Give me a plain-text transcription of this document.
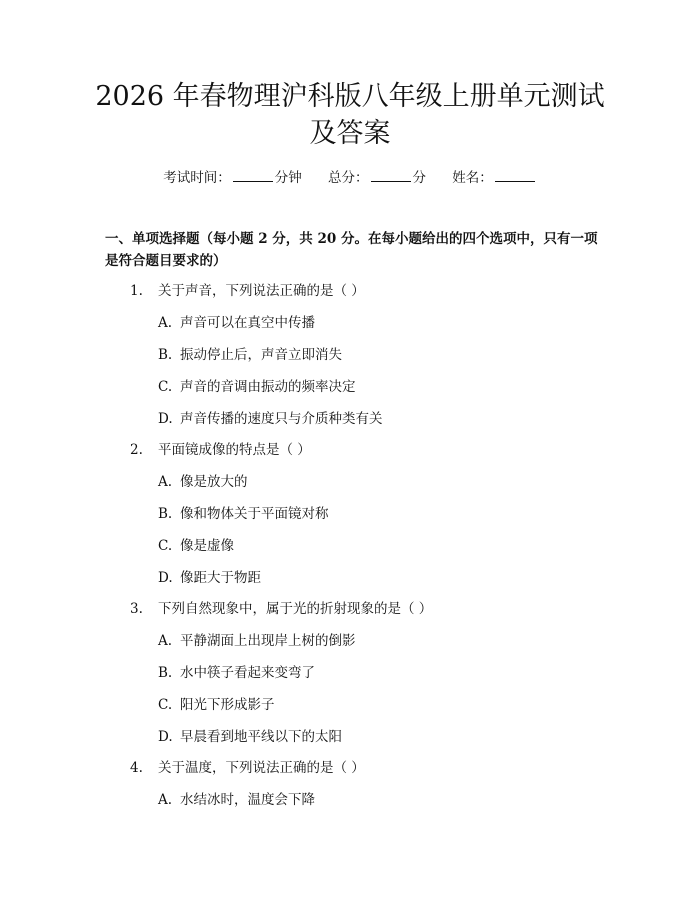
2026 年春物理沪科版八年级上册单元测试及答案
考试时间：	分钟 总分：	分 姓名：

一、单项选择题（每小题 2 分，共 20 分。在每小题给出的四个选项中，只有一项是符合题目要求的）

1. 关于声音，下列说法正确的是（ ）
A. 声音可以在真空中传播
B. 振动停止后，声音立即消失
C. 声音的音调由振动的频率决定
D. 声音传播的速度只与介质种类有关
2. 平面镜成像的特点是（ ）
A. 像是放大的
B. 像和物体关于平面镜对称
C. 像是虚像
D. 像距大于物距
3. 下列自然现象中，属于光的折射现象的是（ ）
A. 平静湖面上出现岸上树的倒影
B. 水中筷子看起来变弯了
C. 阳光下形成影子
D. 早晨看到地平线以下的太阳
4. 关于温度，下列说法正确的是（ ）
A. 水结冰时，温度会下降
